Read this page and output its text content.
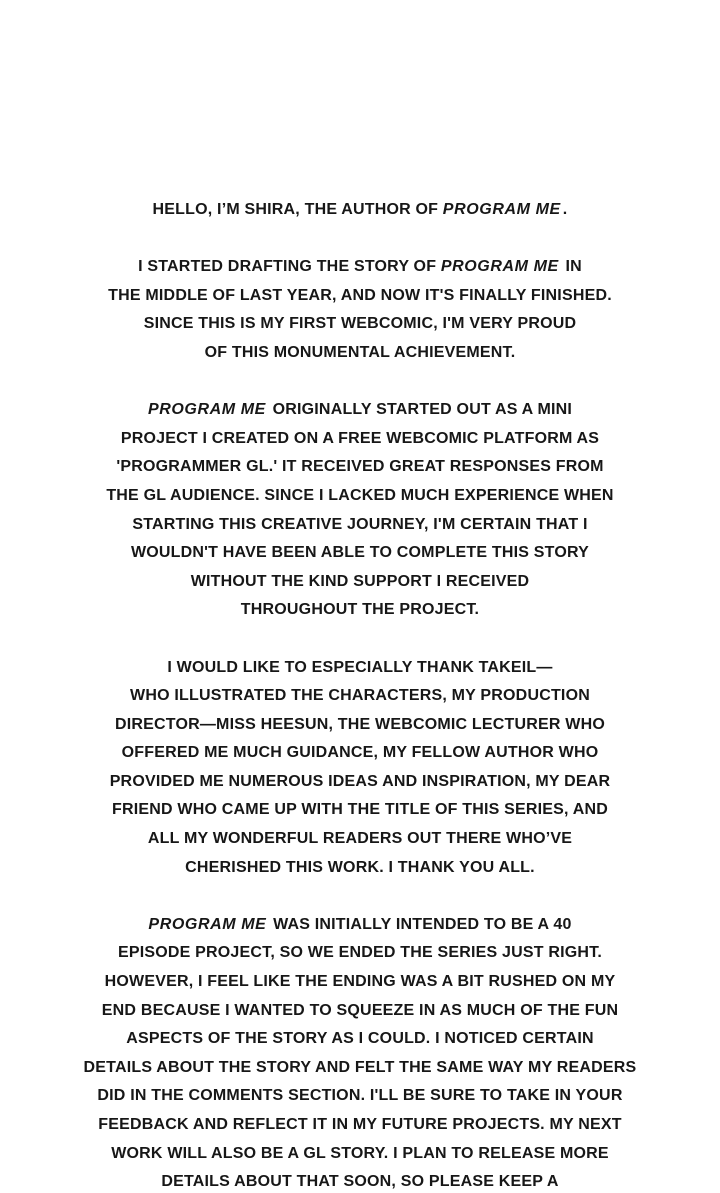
HELLO, I’M SHIRA, THE AUTHOR OF PROGRAM ME .

I STARTED DRAFTING THE STORY OF PROGRAM ME IN
THE MIDDLE OF LAST YEAR, AND NOW IT'S FINALLY FINISHED.
SINCE THIS IS MY FIRST WEBCOMIC, I'M VERY PROUD
OF THIS MONUMENTAL ACHIEVEMENT.

PROGRAM ME ORIGINALLY STARTED OUT AS A MINI
PROJECT I CREATED ON A FREE WEBCOMIC PLATFORM AS
'PROGRAMMER GL.' IT RECEIVED GREAT RESPONSES FROM
THE GL AUDIENCE. SINCE I LACKED MUCH EXPERIENCE WHEN
STARTING THIS CREATIVE JOURNEY, I'M CERTAIN THAT I
WOULDN'T HAVE BEEN ABLE TO COMPLETE THIS STORY
WITHOUT THE KIND SUPPORT I RECEIVED
THROUGHOUT THE PROJECT.

I WOULD LIKE TO ESPECIALLY THANK TAKEIL—
WHO ILLUSTRATED THE CHARACTERS, MY PRODUCTION
DIRECTOR—MISS HEESUN, THE WEBCOMIC LECTURER WHO
OFFERED ME MUCH GUIDANCE, MY FELLOW AUTHOR WHO
PROVIDED ME NUMEROUS IDEAS AND INSPIRATION, MY DEAR
FRIEND WHO CAME UP WITH THE TITLE OF THIS SERIES, AND
ALL MY WONDERFUL READERS OUT THERE WHO’VE
CHERISHED THIS WORK. I THANK YOU ALL.

PROGRAM ME WAS INITIALLY INTENDED TO BE A 40
EPISODE PROJECT, SO WE ENDED THE SERIES JUST RIGHT.
HOWEVER, I FEEL LIKE THE ENDING WAS A BIT RUSHED ON MY
END BECAUSE I WANTED TO SQUEEZE IN AS MUCH OF THE FUN
ASPECTS OF THE STORY AS I COULD. I NOTICED CERTAIN
DETAILS ABOUT THE STORY AND FELT THE SAME WAY MY READERS
DID IN THE COMMENTS SECTION. I'LL BE SURE TO TAKE IN YOUR
FEEDBACK AND REFLECT IT IN MY FUTURE PROJECTS. MY NEXT
WORK WILL ALSO BE A GL STORY. I PLAN TO RELEASE MORE
DETAILS ABOUT THAT SOON, SO PLEASE KEEP A
